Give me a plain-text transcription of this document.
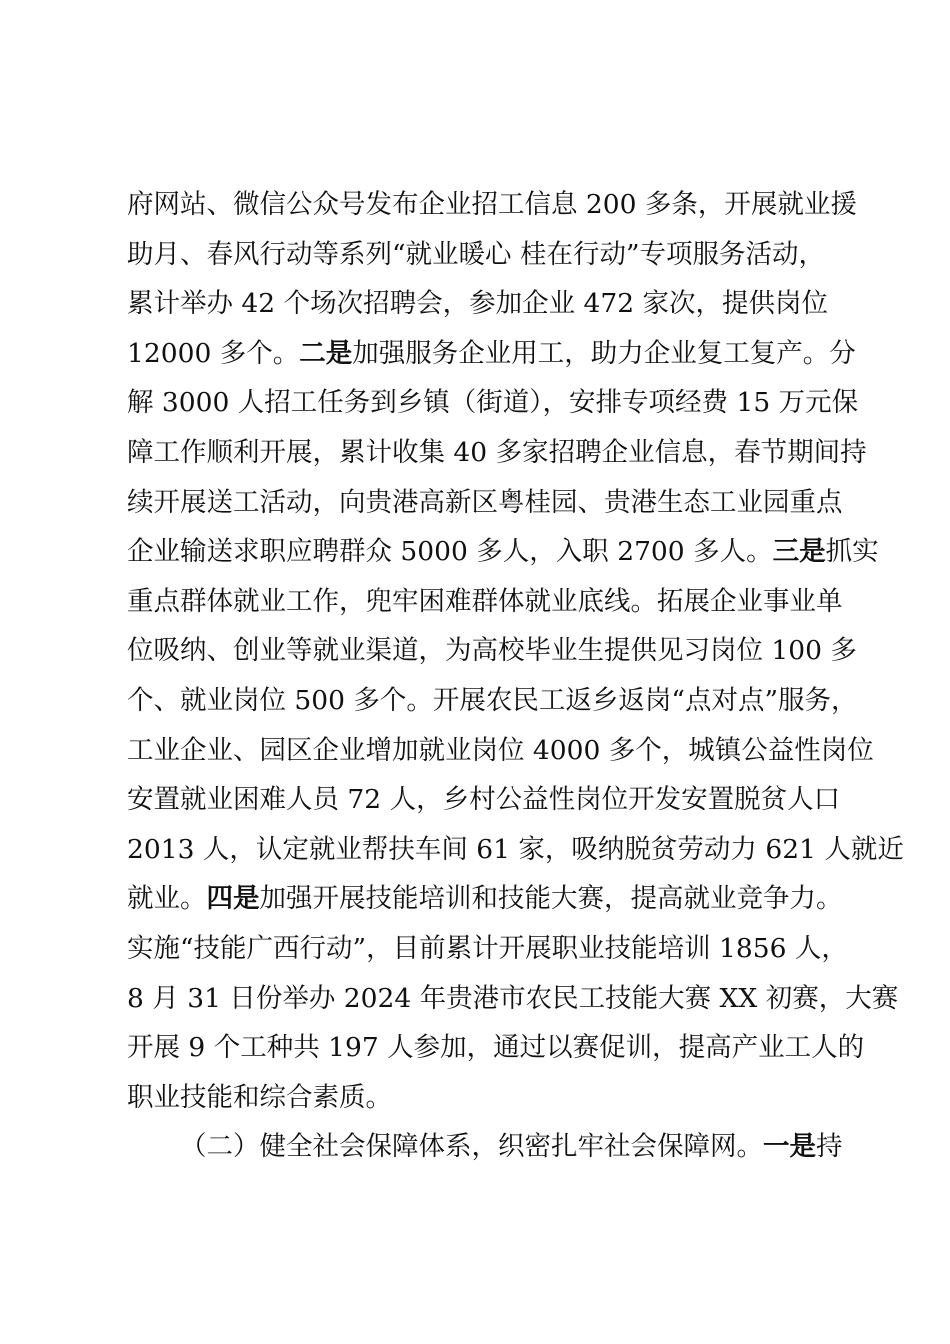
府网站、微信公众号发布企业招工信息 200 多条，开展就业援
助月、春风行动等系列“就业暖心 桂在行动”专项服务活动，
累计举办 42 个场次招聘会，参加企业 472 家次，提供岗位
12000 多个。二是加强服务企业用工，助力企业复工复产。分
解 3000 人招工任务到乡镇（街道），安排专项经费 15 万元保
障工作顺利开展，累计收集 40 多家招聘企业信息，春节期间持
续开展送工活动，向贵港高新区粤桂园、贵港生态工业园重点
企业输送求职应聘群众 5000 多人，入职 2700 多人。三是抓实
重点群体就业工作，兜牢困难群体就业底线。拓展企业事业单
位吸纳、创业等就业渠道，为高校毕业生提供见习岗位 100 多
个、就业岗位 500 多个。开展农民工返乡返岗“点对点”服务，
工业企业、园区企业增加就业岗位 4000 多个，城镇公益性岗位
安置就业困难人员 72 人，乡村公益性岗位开发安置脱贫人口
2013 人，认定就业帮扶车间 61 家，吸纳脱贫劳动力 621 人就近
就业。四是加强开展技能培训和技能大赛，提高就业竞争力。
实施“技能广西行动”，目前累计开展职业技能培训 1856 人，
8 月 31 日份举办 2024 年贵港市农民工技能大赛 XX 初赛，大赛
开展 9 个工种共 197 人参加，通过以赛促训，提高产业工人的
职业技能和综合素质。
（二）健全社会保障体系，织密扎牢社会保障网。一是持
